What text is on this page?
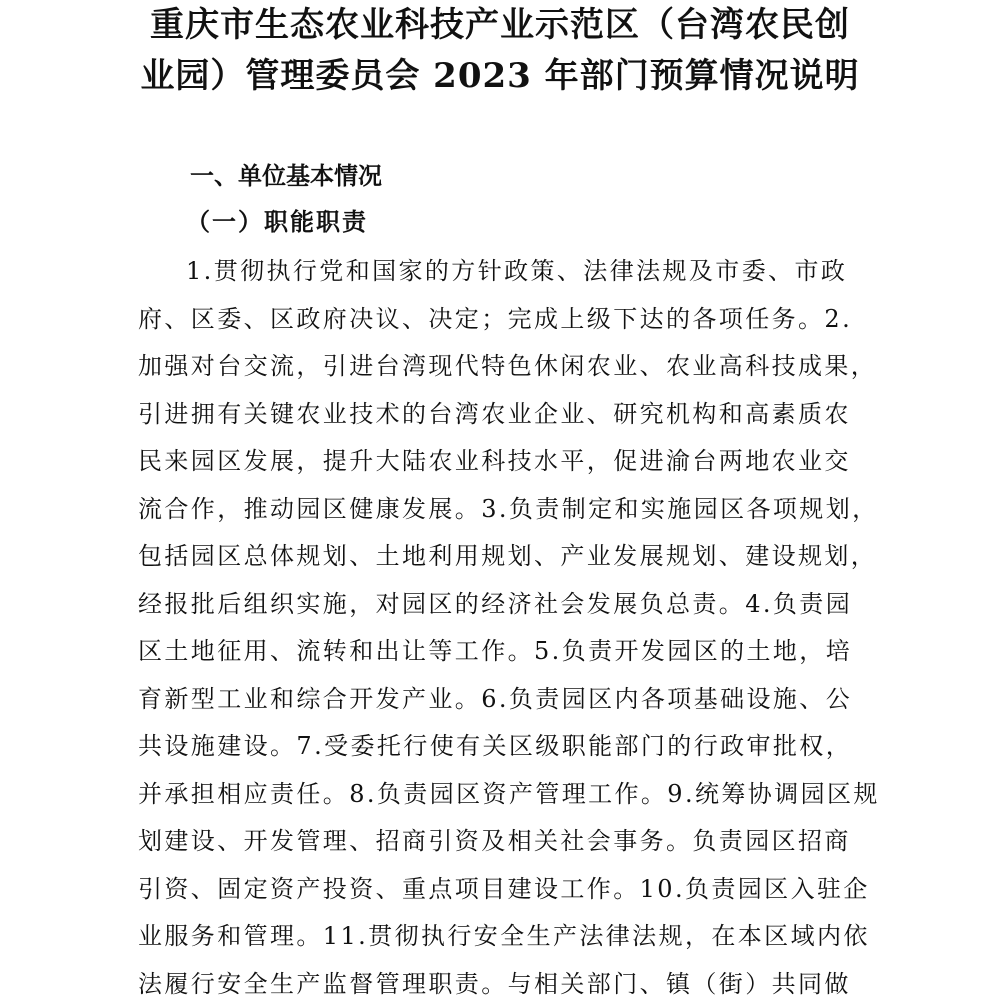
重庆市生态农业科技产业示范区（台湾农民创
业园）管理委员会 2023 年部门预算情况说明
一、单位基本情况
（一）职能职责
1.贯彻执行党和国家的方针政策、法律法规及市委、市政
府、区委、区政府决议、决定；完成上级下达的各项任务。2.
加强对台交流，引进台湾现代特色休闲农业、农业高科技成果，
引进拥有关键农业技术的台湾农业企业、研究机构和高素质农
民来园区发展，提升大陆农业科技水平，促进渝台两地农业交
流合作，推动园区健康发展。3.负责制定和实施园区各项规划，
包括园区总体规划、土地利用规划、产业发展规划、建设规划，
经报批后组织实施，对园区的经济社会发展负总责。4.负责园
区土地征用、流转和出让等工作。5.负责开发园区的土地，培
育新型工业和综合开发产业。6.负责园区内各项基础设施、公
共设施建设。7.受委托行使有关区级职能部门的行政审批权，
并承担相应责任。8.负责园区资产管理工作。9.统筹协调园区规
划建设、开发管理、招商引资及相关社会事务。负责园区招商
引资、固定资产投资、重点项目建设工作。10.负责园区入驻企
业服务和管理。11.贯彻执行安全生产法律法规，在本区域内依
法履行安全生产监督管理职责。与相关部门、镇（街）共同做
